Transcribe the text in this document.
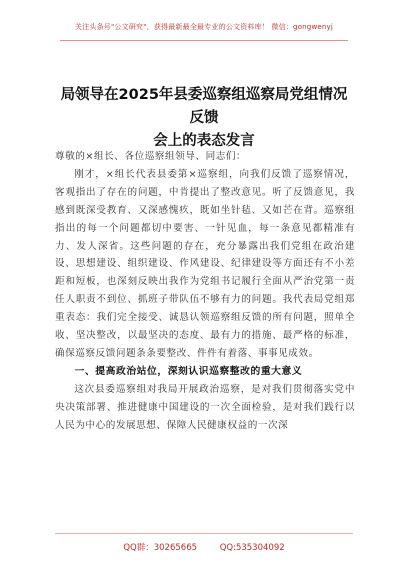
关注头条号"公文研究"，获得最新最全最专业的公文资料库！ 微信：gongwenyj
局领导在2025年县委巡察组巡察局党组情况反馈
会上的表态发言

尊敬的×组长、各位巡察组领导、同志们：

刚才，×组长代表县委第×巡察组，向我们反馈了巡察情况，客观指出了存在的问题，中肯提出了整改意见。听了反馈意见，我感到既深受教育、又深感愧疚，既如坐针毡、又如芒在背。巡察组指出的每一个问题都切中要害、一针见血，每一条意见都精准有力、发人深省。这些问题的存在，充分暴露出我们党组在政治建设、思想建设、组织建设、作风建设、纪律建设等方面还有不小差距和短板，也深刻反映出我作为党组书记履行全面从严治党第一责任人职责不到位、抓班子带队伍不够有力的问题。我代表局党组郑重表态：我们完全接受、诚恳认领巡察组反馈的所有问题，照单全收、坚决整改，以最坚决的态度、最有力的措施、最严格的标准，确保巡察反馈问题条条要整改、件件有着落、事事见成效。

一、提高政治站位，深刻认识巡察整改的重大意义

这次县委巡察组对我局开展政治巡察，是对我们贯彻落实党中央决策部署、推进健康中国建设的一次全面检验，是对我们践行以人民为中心的发展思想、保障人民健康权益的一次深

QQ群：30265665	QQ:535304092
